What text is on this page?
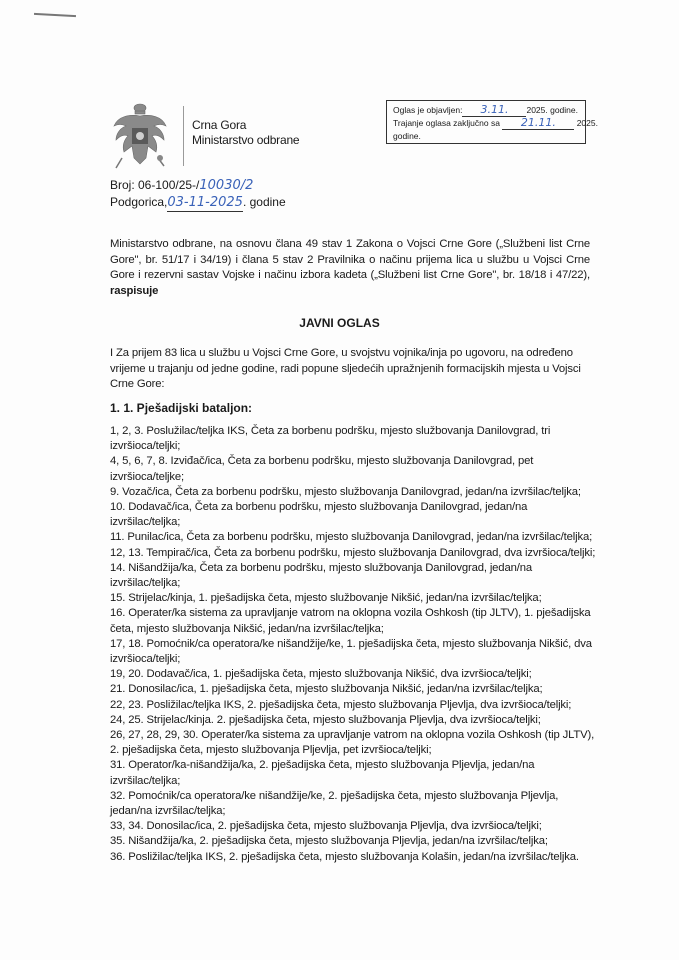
Crna Gora
Ministarstvo odbrane
Oglas je objavljen: 3.11. 2025. godine.
Trajanje oglasa zaključno sa 21.11. 2025.
godine.
Broj: 06-100/25-/10030/2
Podgorica,03-11-2025. godine
Ministarstvo odbrane, na osnovu člana 49 stav 1 Zakona o Vojsci Crne Gore („Službeni list Crne Gore", br. 51/17 i 34/19) i člana 5 stav 2 Pravilnika o načinu prijema lica u službu u Vojsci Crne Gore i rezervni sastav Vojske i načinu izbora kadeta („Službeni list Crne Gore", br. 18/18 i 47/22), raspisuje
JAVNI OGLAS
I Za prijem 83 lica u službu u Vojsci Crne Gore, u svojstvu vojnika/inja po ugovoru, na određeno vrijeme u trajanju od jedne godine, radi popune sljedećih upražnjenih formacijskih mjesta u Vojsci Crne Gore:
1. 1. Pješadijski bataljon:
1, 2, 3. Poslužilac/teljka IKS, Četa za borbenu podršku, mjesto službovanja Danilovgrad, tri izvršioca/teljki;
4, 5, 6, 7, 8. Izviđač/ica, Četa za borbenu podršku, mjesto službovanja Danilovgrad, pet izvršioca/teljke;
9. Vozač/ica, Četa za borbenu podršku, mjesto službovanja Danilovgrad, jedan/na izvršilac/teljka;
10. Dodavač/ica, Četa za borbenu podršku, mjesto službovanja Danilovgrad, jedan/na izvršilac/teljka;
11. Punilac/ica, Četa za borbenu podršku, mjesto službovanja Danilovgrad, jedan/na izvršilac/teljka;
12, 13. Tempirač/ica, Četa za borbenu podršku, mjesto službovanja Danilovgrad, dva izvršioca/teljki;
14. Nišandžija/ka, Četa za borbenu podršku, mjesto službovanja Danilovgrad, jedan/na izvršilac/teljka;
15. Strijelac/kinja, 1. pješadijska četa, mjesto službovanje Nikšić, jedan/na izvršilac/teljka;
16. Operater/ka sistema za upravljanje vatrom na oklopna vozila Oshkosh (tip JLTV), 1. pješadijska četa, mjesto službovanja Nikšić, jedan/na izvršilac/teljka;
17, 18. Pomoćnik/ca operatora/ke nišandžije/ke, 1. pješadijska četa, mjesto službovanja Nikšić, dva izvršioca/teljki;
19, 20. Dodavač/ica, 1. pješadijska četa, mjesto službovanja Nikšić, dva izvršioca/teljki;
21. Donosilac/ica, 1. pješadijska četa, mjesto službovanja Nikšić, jedan/na izvršilac/teljka;
22, 23. Posližilac/teljka IKS, 2. pješadijska četa, mjesto službovanja Pljevlja, dva izvršioca/teljki;
24, 25. Strijelac/kinja. 2. pješadijska četa, mjesto službovanja Pljevlja, dva izvršioca/teljki;
26, 27, 28, 29, 30. Operater/ka sistema za upravljanje vatrom na oklopna vozila Oshkosh (tip JLTV), 2. pješadijska četa, mjesto službovanja Pljevlja, pet izvršioca/teljki;
31. Operator/ka-nišandžija/ka, 2. pješadijska četa, mjesto službovanja Pljevlja, jedan/na izvršilac/teljka;
32. Pomoćnik/ca operatora/ke nišandžije/ke, 2. pješadijska četa, mjesto službovanja Pljevlja, jedan/na izvršilac/teljka;
33, 34. Donosilac/ica, 2. pješadijska četa, mjesto službovanja Pljevlja, dva izvršioca/teljki;
35. Nišandžija/ka, 2. pješadijska četa, mjesto službovanja Pljevlja, jedan/na izvršilac/teljka;
36. Posližilac/teljka IKS, 2. pješadijska četa, mjesto službovanja Kolašin, jedan/na izvršilac/teljka.
